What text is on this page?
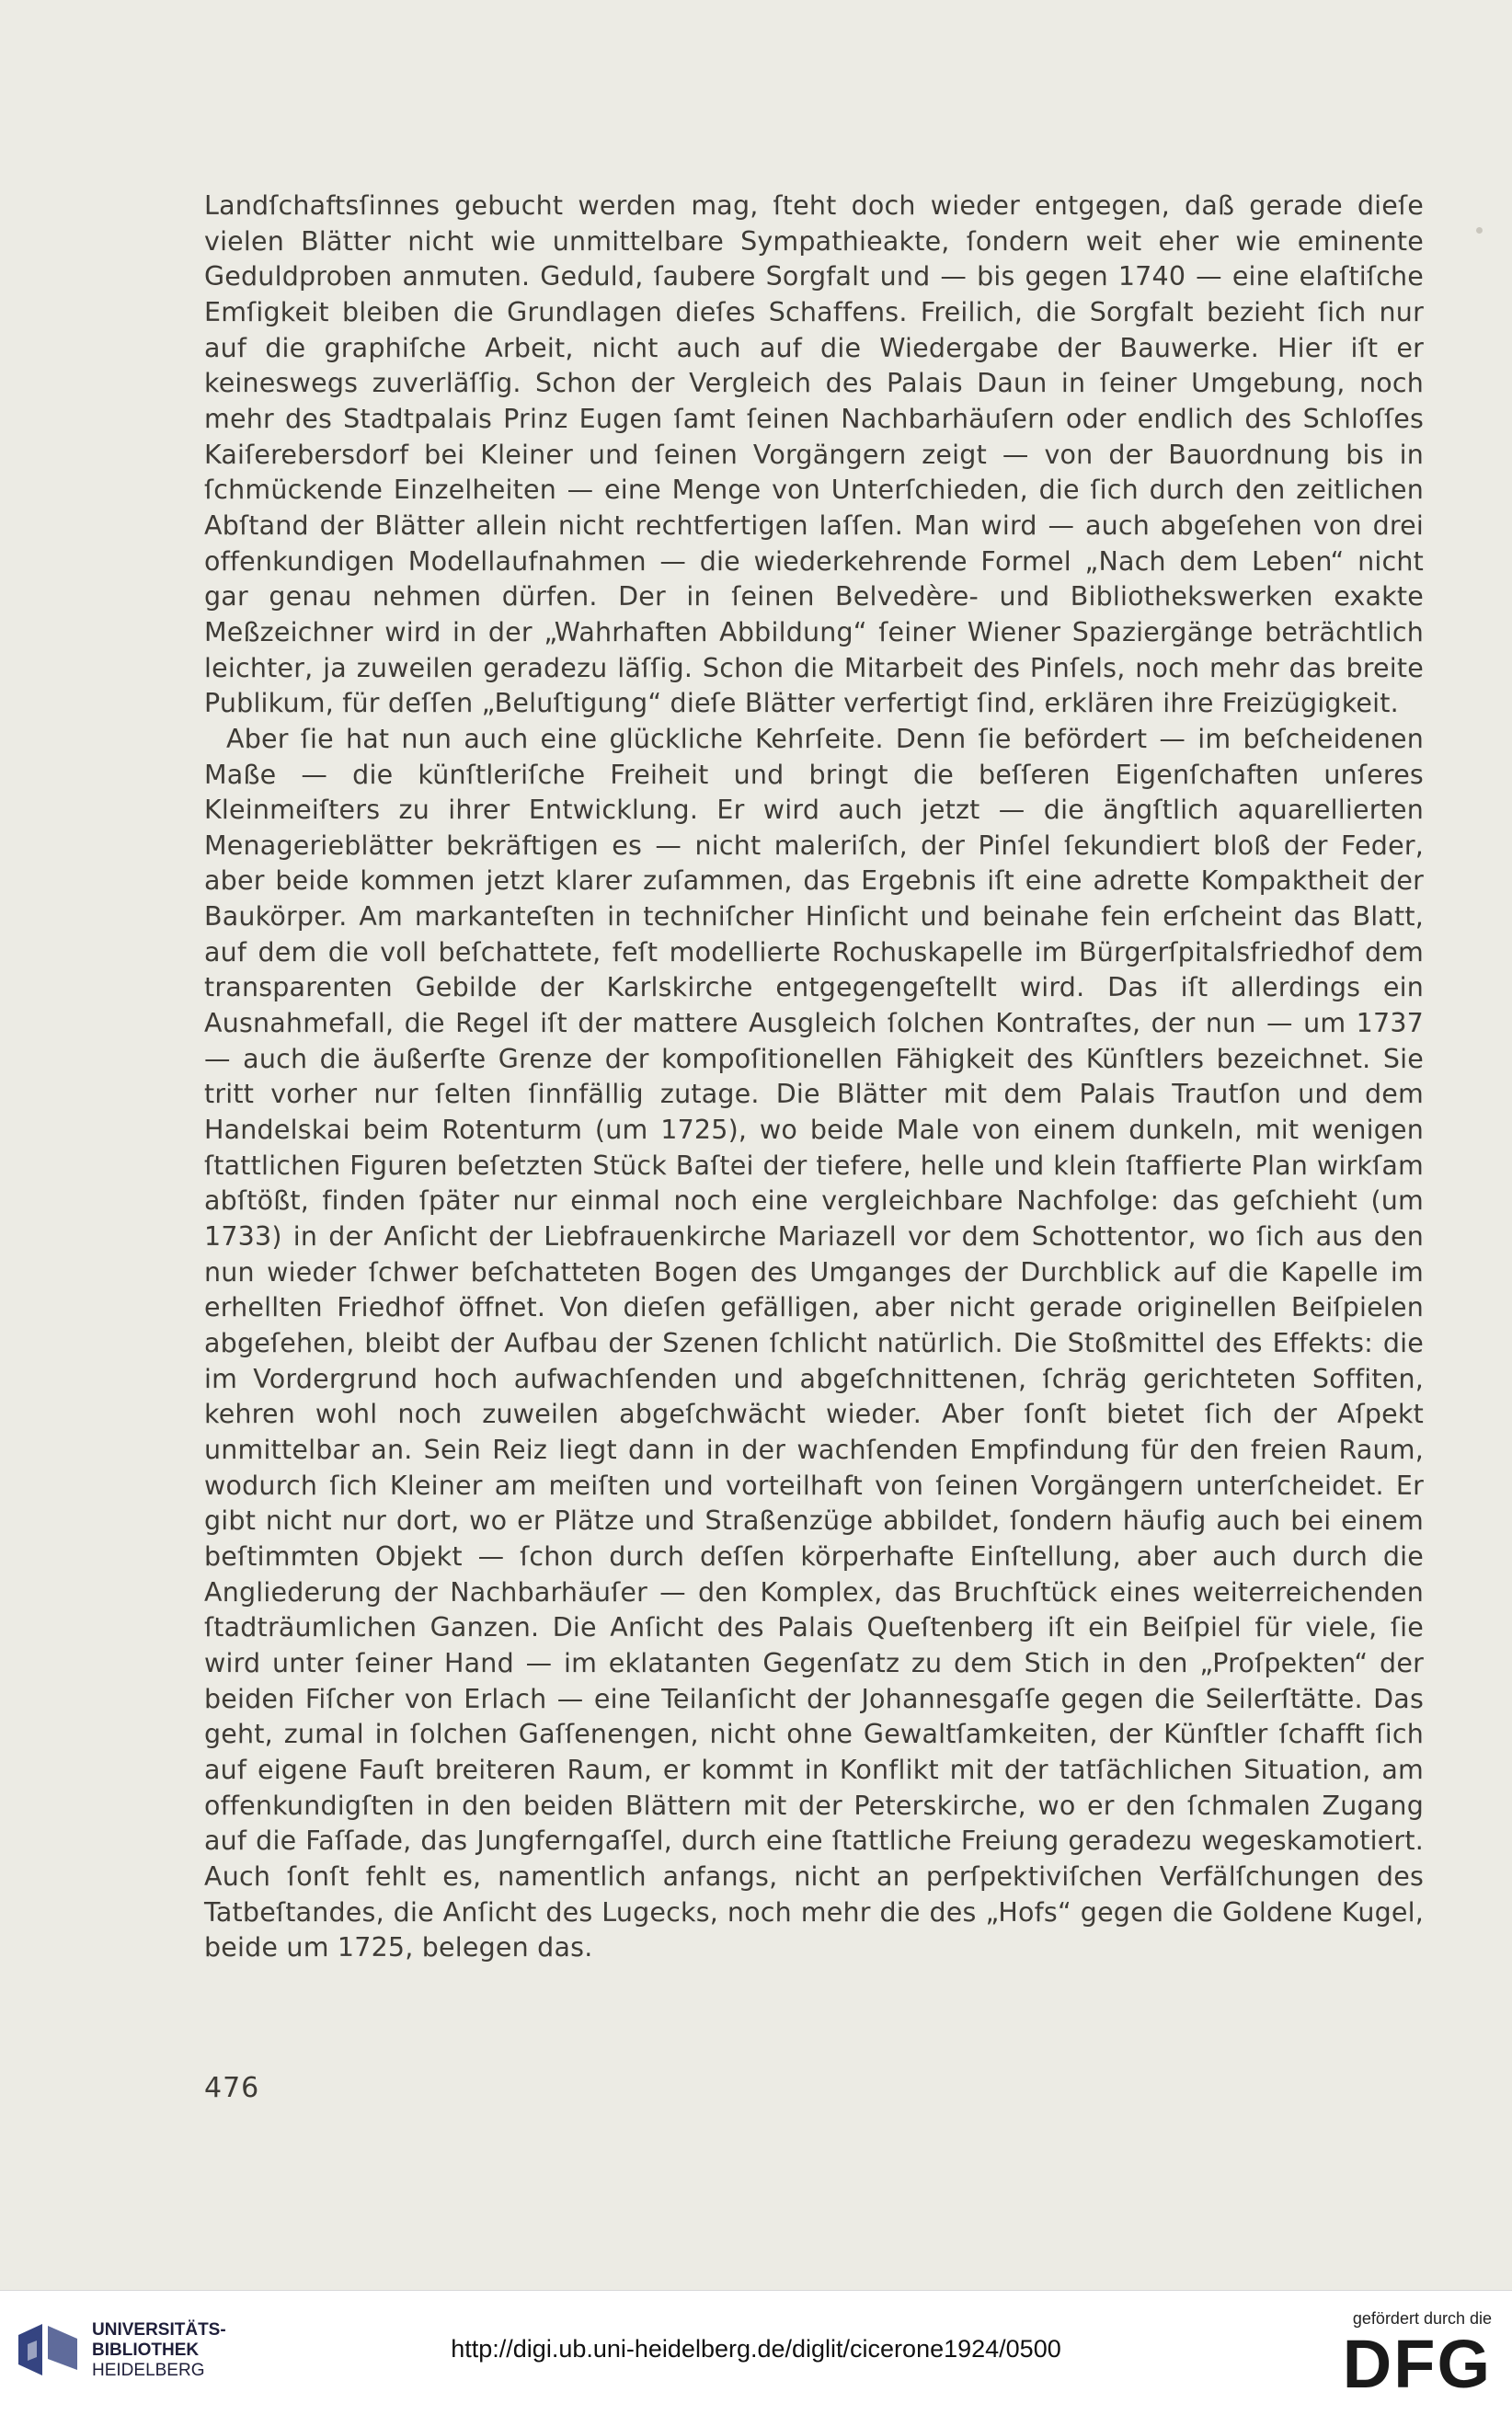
Landſchaftsſinnes gebucht werden mag, ſteht doch wieder entgegen, daß gerade dieſe vielen Blätter nicht wie unmittelbare Sympathieakte, ſondern weit eher wie eminente Geduldproben anmuten. Geduld, ſaubere Sorgfalt und — bis gegen 1740 — eine elaſtiſche Emſigkeit bleiben die Grundlagen dieſes Schaffens. Freilich, die Sorgfalt bezieht ſich nur auf die graphiſche Arbeit, nicht auch auf die Wiedergabe der Bauwerke. Hier iſt er keineswegs zuverläſſig. Schon der Vergleich des Palais Daun in ſeiner Umgebung, noch mehr des Stadtpalais Prinz Eugen ſamt ſeinen Nachbarhäuſern oder endlich des Schloſſes Kaiſerebersdorf bei Kleiner und ſeinen Vorgängern zeigt — von der Bauordnung bis in ſchmückende Einzelheiten — eine Menge von Unterſchieden, die ſich durch den zeitlichen Abſtand der Blätter allein nicht rechtfertigen laſſen. Man wird — auch abgeſehen von drei offenkundigen Modellaufnahmen — die wiederkehrende Formel „Nach dem Leben“ nicht gar genau nehmen dürfen. Der in ſeinen Belvedère- und Bibliothekswerken exakte Meßzeichner wird in der „Wahrhaften Abbildung“ ſeiner Wiener Spaziergänge beträchtlich leichter, ja zuweilen geradezu läſſig. Schon die Mitarbeit des Pinſels, noch mehr das breite Publikum, für deſſen „Beluſtigung“ dieſe Blätter verfertigt ſind, erklären ihre Freizügigkeit.

Aber ſie hat nun auch eine glückliche Kehrſeite. Denn ſie befördert — im beſcheidenen Maße — die künſtleriſche Freiheit und bringt die beſſeren Eigenſchaften unſeres Kleinmeiſters zu ihrer Entwicklung. Er wird auch jetzt — die ängſtlich aquarellierten Menagerieblätter bekräftigen es — nicht maleriſch, der Pinſel ſekundiert bloß der Feder, aber beide kommen jetzt klarer zuſammen, das Ergebnis iſt eine adrette Kompaktheit der Baukörper. Am markanteſten in techniſcher Hinſicht und beinahe fein erſcheint das Blatt, auf dem die voll beſchattete, feſt modellierte Rochuskapelle im Bürgerſpitalsfriedhof dem transparenten Gebilde der Karlskirche entgegengeſtellt wird. Das iſt allerdings ein Ausnahmefall, die Regel iſt der mattere Ausgleich ſolchen Kontraſtes, der nun — um 1737 — auch die äußerſte Grenze der kompoſitionellen Fähigkeit des Künſtlers bezeichnet. Sie tritt vorher nur ſelten ſinnfällig zutage. Die Blätter mit dem Palais Trautſon und dem Handelskai beim Rotenturm (um 1725), wo beide Male von einem dunkeln, mit wenigen ſtattlichen Figuren beſetzten Stück Baſtei der tiefere, helle und klein ſtaffierte Plan wirkſam abſtößt, finden ſpäter nur einmal noch eine vergleichbare Nachfolge: das geſchieht (um 1733) in der Anſicht der Liebfrauenkirche Mariazell vor dem Schottentor, wo ſich aus den nun wieder ſchwer beſchatteten Bogen des Umganges der Durchblick auf die Kapelle im erhellten Friedhof öffnet. Von dieſen gefälligen, aber nicht gerade originellen Beiſpielen abgeſehen, bleibt der Aufbau der Szenen ſchlicht natürlich. Die Stoßmittel des Effekts: die im Vordergrund hoch aufwachſenden und abgeſchnittenen, ſchräg gerichteten Soffiten, kehren wohl noch zuweilen abgeſchwächt wieder. Aber ſonſt bietet ſich der Aſpekt unmittelbar an. Sein Reiz liegt dann in der wachſenden Empfindung für den freien Raum, wodurch ſich Kleiner am meiſten und vorteilhaft von ſeinen Vorgängern unterſcheidet. Er gibt nicht nur dort, wo er Plätze und Straßenzüge abbildet, ſondern häufig auch bei einem beſtimmten Objekt — ſchon durch deſſen körperhafte Einſtellung, aber auch durch die Angliederung der Nachbarhäuſer — den Komplex, das Bruchſtück eines weiterreichenden ſtadträumlichen Ganzen. Die Anſicht des Palais Queſtenberg iſt ein Beiſpiel für viele, ſie wird unter ſeiner Hand — im eklatanten Gegenſatz zu dem Stich in den „Proſpekten“ der beiden Fiſcher von Erlach — eine Teilanſicht der Johannesgaſſe gegen die Seilerſtätte. Das geht, zumal in ſolchen Gaſſenengen, nicht ohne Gewaltſamkeiten, der Künſtler ſchafft ſich auf eigene Fauſt breiteren Raum, er kommt in Konflikt mit der tatſächlichen Situation, am offenkundigſten in den beiden Blättern mit der Peterskirche, wo er den ſchmalen Zugang auf die Faſſade, das Jungferngaſſel, durch eine ſtattliche Freiung geradezu wegeskamotiert. Auch ſonſt fehlt es, namentlich anfangs, nicht an perſpektiviſchen Verfälſchungen des Tatbeſtandes, die Anſicht des Lugecks, noch mehr die des „Hofs“ gegen die Goldene Kugel, beide um 1725, belegen das.

476
UNIVERSITÄTS-
BIBLIOTHEK
HEIDELBERG
http://digi.ub.uni-heidelberg.de/diglit/cicerone1924/0500
gefördert durch die
DFG
